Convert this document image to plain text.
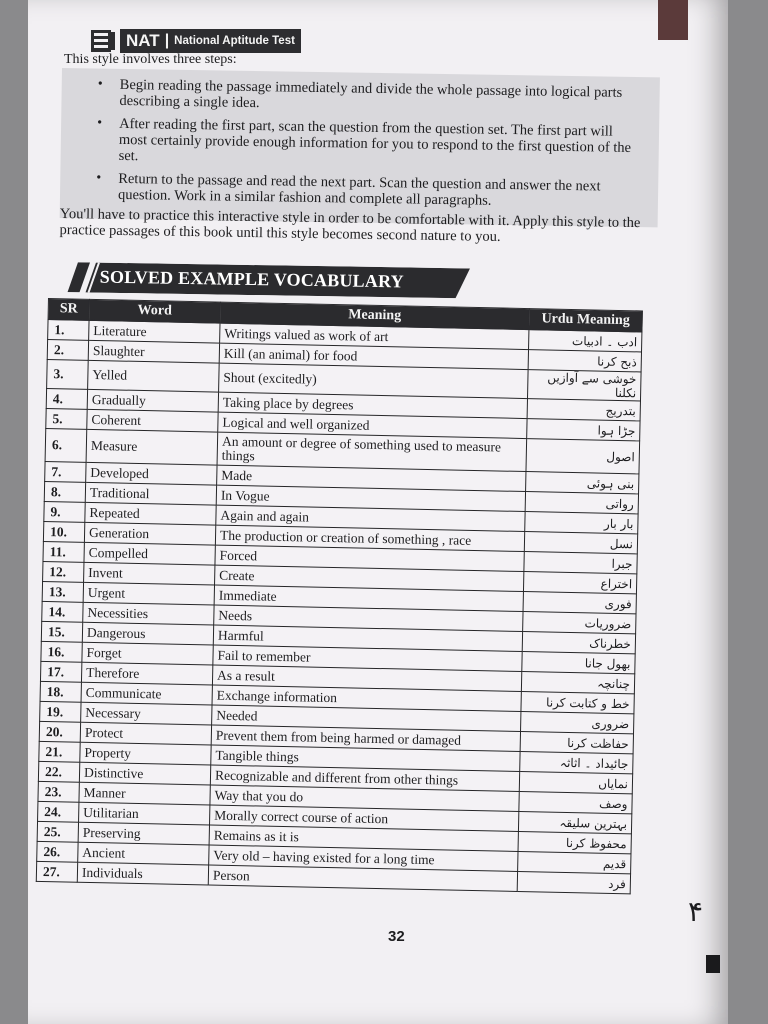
NAT | National Aptitude Test
This style involves three steps:
• Begin reading the passage immediately and divide the whole passage into logical parts describing a single idea.
• After reading the first part, scan the question from the question set. The first part will most certainly provide enough information for you to respond to the first question of the set.
• Return to the passage and read the next part. Scan the question and answer the next question. Work in a similar fashion and complete all paragraphs.
You'll have to practice this interactive style in order to be comfortable with it. Apply this style to the practice passages of this book until this style becomes second nature to you.
SOLVED EXAMPLE VOCABULARY
SR	Word	Meaning	Urdu Meaning
1.	Literature	Writings valued as work of art	ادب ۔ ادبیات
2.	Slaughter	Kill (an animal) for food	ذبح کرنا
3.	Yelled	Shout (excitedly)	خوشی سے آوازیں نکلنا
4.	Gradually	Taking place by degrees	بتدریج
5.	Coherent	Logical and well organized	جڑا ہوا
6.	Measure	An amount or degree of something used to measure things	اصول
7.	Developed	Made	بنی ہوئی
8.	Traditional	In Vogue	رواتی
9.	Repeated	Again and again	بار بار
10.	Generation	The production or creation of something , race	نسل
11.	Compelled	Forced	جبرا
12.	Invent	Create	اختراع
13.	Urgent	Immediate	فوری
14.	Necessities	Needs	ضروریات
15.	Dangerous	Harmful	خطرناک
16.	Forget	Fail to remember	بھول جانا
17.	Therefore	As a result	چنانچہ
18.	Communicate	Exchange information	خط و کتابت کرنا
19.	Necessary	Needed	ضروری
20.	Protect	Prevent them from being harmed or damaged	حفاظت کرنا
21.	Property	Tangible things	جائیداد ۔ اثاثہ
22.	Distinctive	Recognizable and different from other things	نمایاں
23.	Manner	Way that you do	وصف
24.	Utilitarian	Morally correct course of action	بہترین سلیقہ
25.	Preserving	Remains as it is	محفوظ کرنا
26.	Ancient	Very old – having existed for a long time	قدیم
27.	Individuals	Person	فرد
32
۴
